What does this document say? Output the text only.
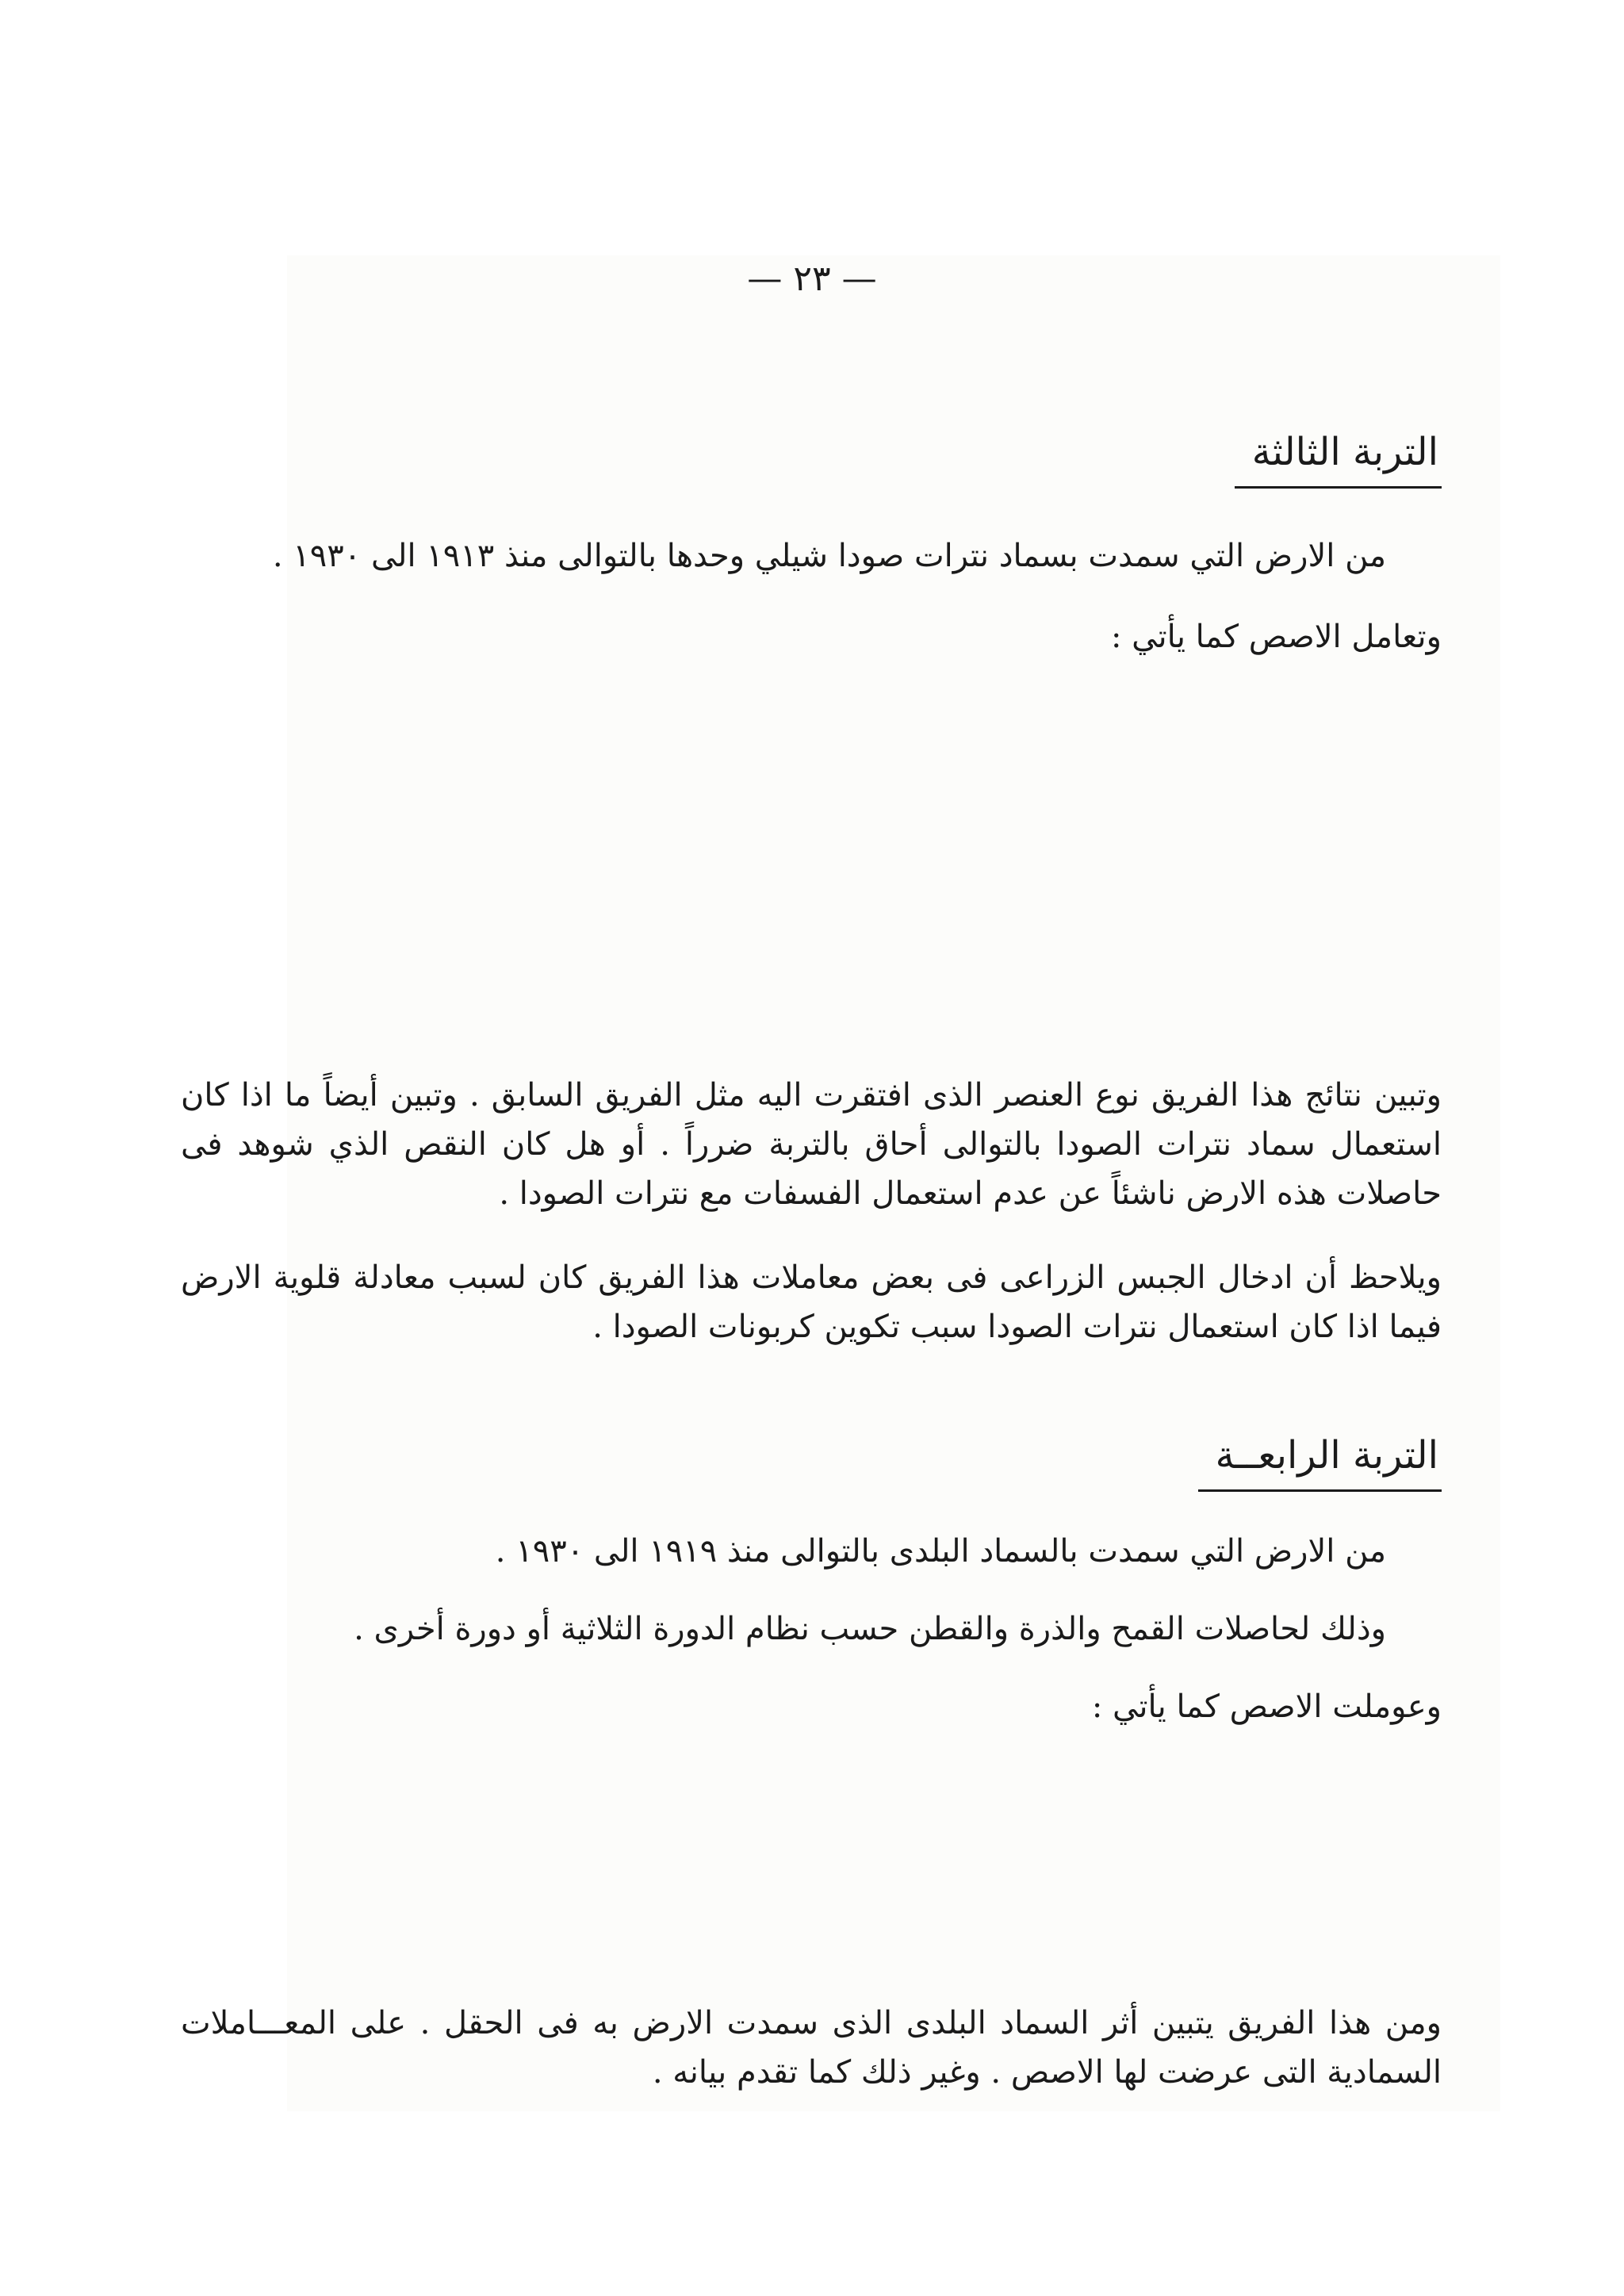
— ٢٣ —
التربة الثالثة
من الارض التي سمدت بسماد نترات صودا شيلي وحدها بالتوالى منذ ١٩١٣ الى ١٩٣٠ .
وتعامل الاصص كما يأتي :

وتبين نتائج هذا الفريق نوع العنصر الذى افتقرت اليه مثل الفريق السابق . وتبين أيضاً ما اذا كان استعمال سماد نترات الصودا بالتوالى أحاق بالتربة ضرراً . أو هل كان النقص الذي شوهد فى حاصلات هذه الارض ناشئاً عن عدم استعمال الفسفات مع نترات الصودا .

ويلاحظ أن ادخال الجبس الزراعى فى بعض معاملات هذا الفريق كان لسبب معادلة قلوية الارض فيما اذا كان استعمال نترات الصودا سبب تكوين كربونات الصودا .

التربة الرابعــة
من الارض التي سمدت بالسماد البلدى بالتوالى منذ ١٩١٩ الى ١٩٣٠ .
وذلك لحاصلات القمح والذرة والقطن حسب نظام الدورة الثلاثية أو دورة أخرى .
وعوملت الاصص كما يأتي :

ومن هذا الفريق يتبين أثر السماد البلدى الذى سمدت الارض به فى الحقل . على المعـــاملات السمادية التى عرضت لها الاصص . وغير ذلك كما تقدم بيانه .
